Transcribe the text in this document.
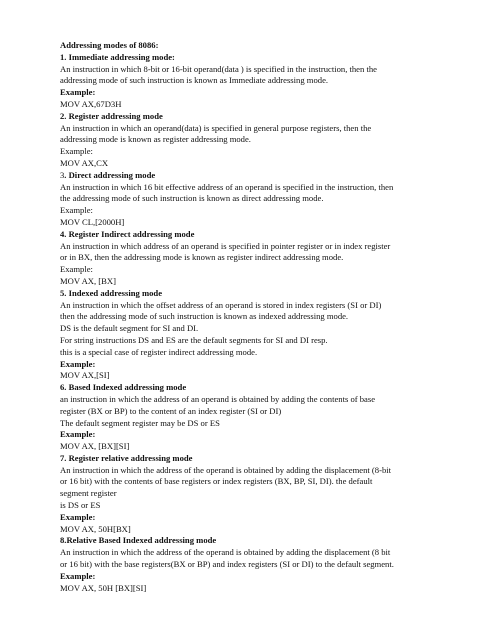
Addressing modes of 8086:
1. Immediate addressing mode:
An instruction in which 8-bit or 16-bit operand(data ) is specified in the instruction, then the
addressing mode of such instruction is known as Immediate addressing mode.
Example:
MOV AX,67D3H
2. Register addressing mode
An instruction in which an operand(data) is specified in general purpose registers, then the
addressing mode is known as register addressing mode.
Example:
MOV AX,CX
3. Direct addressing mode
An instruction in which 16 bit effective address of an operand is specified in the instruction, then
the addressing mode of such instruction is known as direct addressing mode.
Example:
MOV CL,[2000H]
4. Register Indirect addressing mode
An instruction in which address of an operand is specified in pointer register or in index register
or in BX, then the addressing mode is known as register indirect addressing mode.
Example:
MOV AX, [BX]
5. Indexed addressing mode
An instruction in which the offset address of an operand is stored in index registers (SI or DI)
then the addressing mode of such instruction is known as indexed addressing mode.
DS is the default segment for SI and DI.
For string instructions DS and ES are the default segments for SI and DI resp.
this is a special case of register indirect addressing mode.
Example:
MOV AX,[SI]
6. Based Indexed addressing mode
an instruction in which the address of an operand is obtained by adding the contents of base
register (BX or BP) to the content of an index register (SI or DI)
The default segment register may be DS or ES
Example:
MOV AX, [BX][SI]
7. Register relative addressing mode
An instruction in which the address of the operand is obtained by adding the displacement (8-bit
or 16 bit) with the contents of base registers or index registers (BX, BP, SI, DI). the default
segment register
is DS or ES
Example:
MOV AX, 50H[BX]
8.Relative Based Indexed addressing mode
An instruction in which the address of the operand is obtained by adding the displacement (8 bit
or 16 bit) with the base registers(BX or BP) and index registers (SI or DI) to the default segment.
Example:
MOV AX, 50H [BX][SI]
